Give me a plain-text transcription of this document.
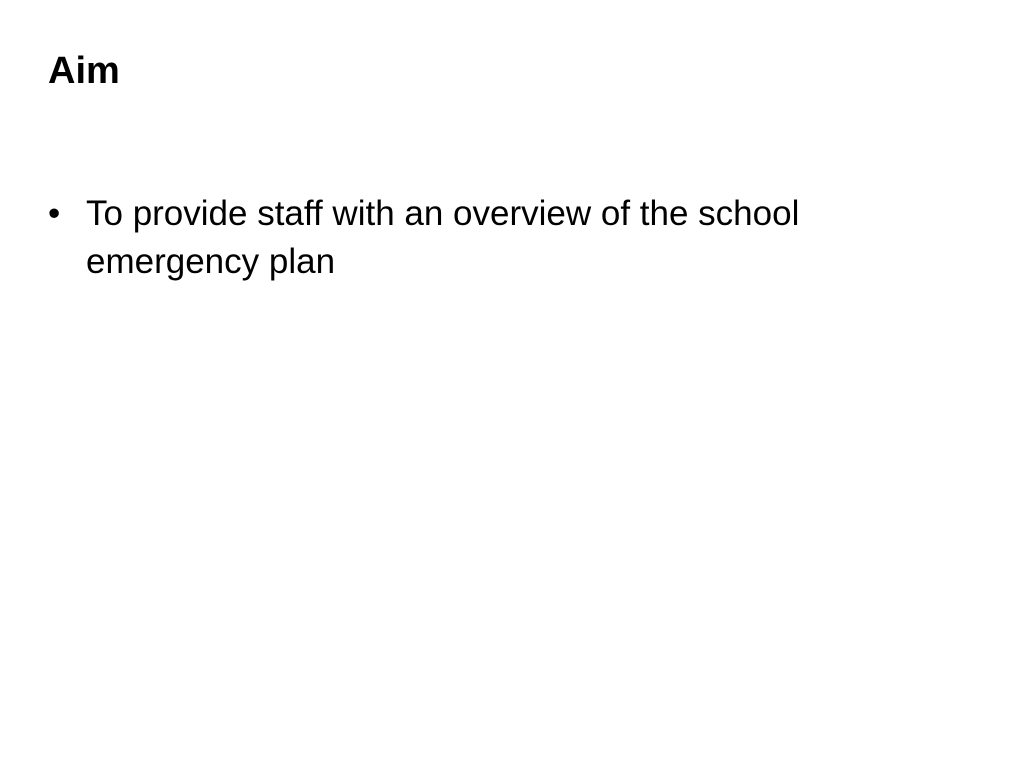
Aim
• To provide staff with an overview of the school emergency plan
